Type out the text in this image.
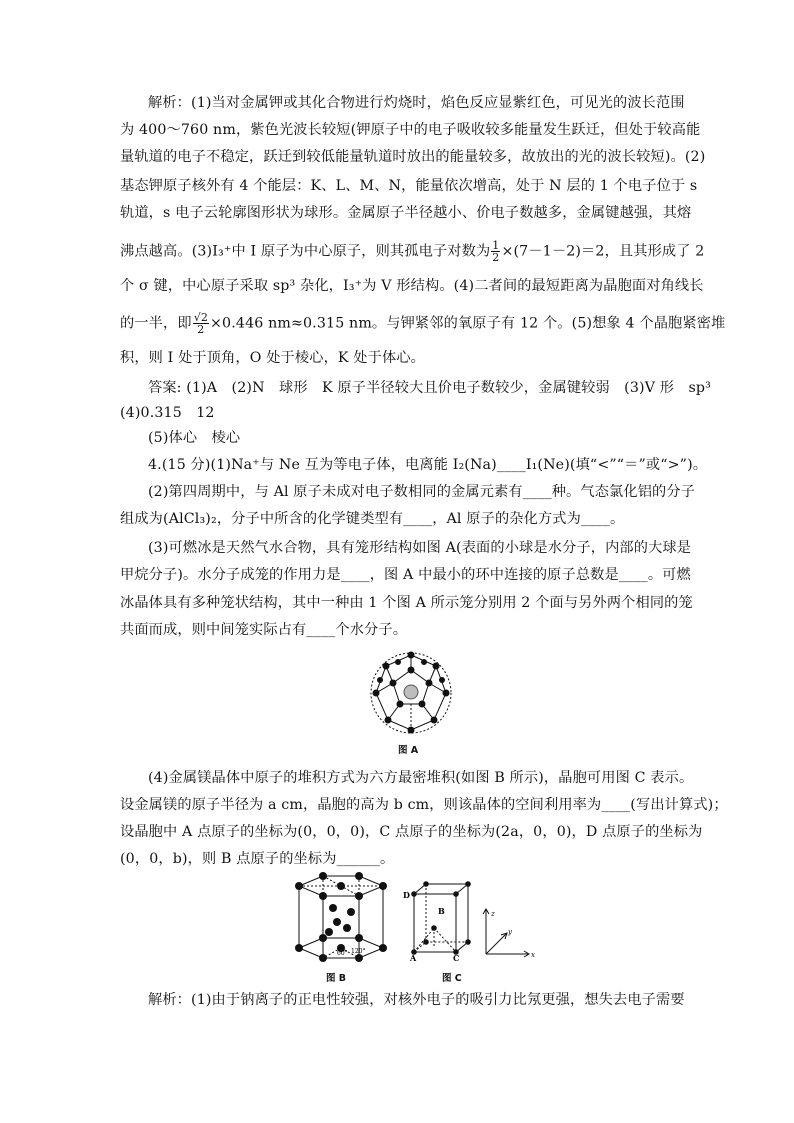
解析：(1)当对金属钾或其化合物进行灼烧时，焰色反应显紫红色，可见光的波长范围
为 400～760 nm，紫色光波长较短(钾原子中的电子吸收较多能量发生跃迁，但处于较高能
量轨道的电子不稳定，跃迁到较低能量轨道时放出的能量较多，故放出的光的波长较短)。(2)
基态钾原子核外有 4 个能层：K、L、M、N，能量依次增高，处于 N 层的 1 个电子位于 s
轨道，s 电子云轮廓图形状为球形。金属原子半径越小、价电子数越多，金属键越强，其熔
沸点越高。(3)I₃⁺中 I 原子为中心原子，则其孤电子对数为 $\frac{1}{2} \times(7-1-2)=2$，且其形成了 2
个 σ 键，中心原子采取 sp³ 杂化，I₃⁺为 V 形结构。(4)二者间的最短距离为晶胞面对角线长
的一半，即 $\frac{√2}{2} \times 0.446$ nm≈0.315 nm。与钾紧邻的氧原子有 12 个。(5)想象 4 个晶胞紧密堆
积，则 I 处于顶角，O 处于棱心，K 处于体心。
答案: (1)A　(2)N　球形　K 原子半径较大且价电子数较少，金属键较弱　(3)V 形　sp³
(4)0.315　12
(5)体心　棱心
4.(15 分)(1)Na⁺与 Ne 互为等电子体，电离能 I₂(Na)____I₁(Ne)(填“<”“＝”或“>”)。
(2)第四周期中，与 Al 原子未成对电子数相同的金属元素有____种。气态氯化铝的分子
组成为(AlCl₃)₂，分子中所含的化学键类型有____，Al 原子的杂化方式为____。
(3)可燃冰是天然气水合物，具有笼形结构如图 A(表面的小球是水分子，内部的大球是
甲烷分子)。水分子成笼的作用力是____，图 A 中最小的环中连接的原子总数是____。可燃
冰晶体具有多种笼状结构，其中一种由 1 个图 A 所示笼分别用 2 个面与另外两个相同的笼
共面而成，则中间笼实际占有____个水分子。
图 A
(4)金属镁晶体中原子的堆积方式为六方最密堆积(如图 B 所示)，晶胞可用图 C 表示。
设金属镁的原子半径为 a cm，晶胞的高为 b cm，则该晶体的空间利用率为____(写出计算式)；
设晶胞中 A 点原子的坐标为(0，0，0)，C 点原子的坐标为(2a，0，0)，D 点原子的坐标为
(0，0，b)，则 B 点原子的坐标为______。
60° 120°
图 B
D
B
A	C
图 C
z
y
x
解析：(1)由于钠离子的正电性较强，对核外电子的吸引力比氖更强，想失去电子需要
